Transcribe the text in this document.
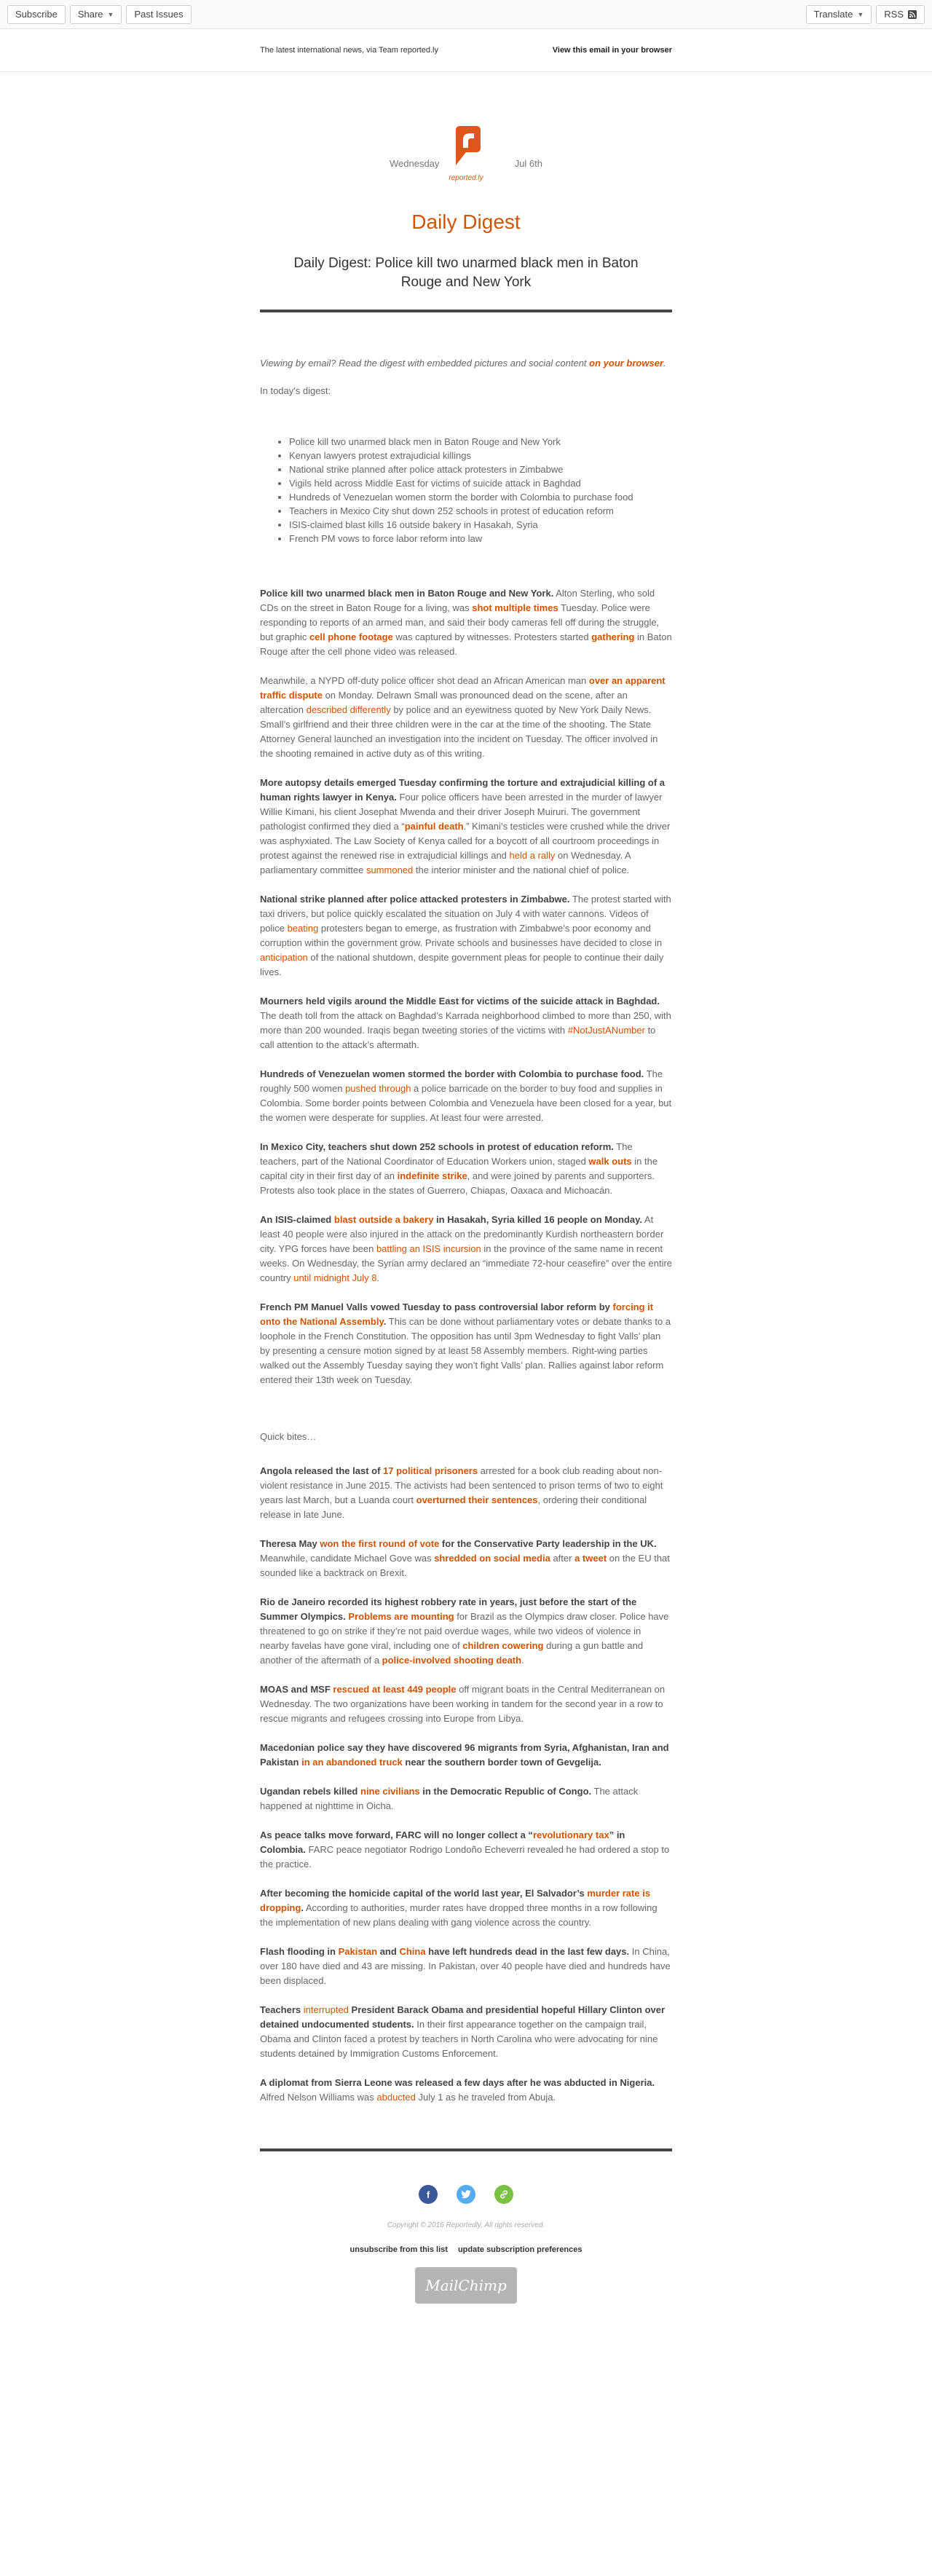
Subscribe Share ▼ Past Issues	Translate ▼ RSS
The latest international news, via Team reported.ly	View this email in your browser
Wednesday
reported.ly
Jul 6th
Daily Digest
Daily Digest: Police kill two unarmed black men in Baton Rouge and New York

Viewing by email? Read the digest with embedded pictures and social content on your browser.

In today's digest:

• Police kill two unarmed black men in Baton Rouge and New York
• Kenyan lawyers protest extrajudicial killings
• National strike planned after police attack protesters in Zimbabwe
• Vigils held across Middle East for victims of suicide attack in Baghdad
• Hundreds of Venezuelan women storm the border with Colombia to purchase food
• Teachers in Mexico City shut down 252 schools in protest of education reform
• ISIS-claimed blast kills 16 outside bakery in Hasakah, Syria
• French PM vows to force labor reform into law

Police kill two unarmed black men in Baton Rouge and New York. Alton Sterling, who sold CDs on the street in Baton Rouge for a living, was shot multiple times Tuesday. Police were responding to reports of an armed man, and said their body cameras fell off during the struggle, but graphic cell phone footage was captured by witnesses. Protesters started gathering in Baton Rouge after the cell phone video was released.

Meanwhile, a NYPD off-duty police officer shot dead an African American man over an apparent traffic dispute on Monday. Delrawn Small was pronounced dead on the scene, after an altercation described differently by police and an eyewitness quoted by New York Daily News. Small’s girlfriend and their three children were in the car at the time of the shooting. The State Attorney General launched an investigation into the incident on Tuesday. The officer involved in the shooting remained in active duty as of this writing.

More autopsy details emerged Tuesday confirming the torture and extrajudicial killing of a human rights lawyer in Kenya. Four police officers have been arrested in the murder of lawyer Willie Kimani, his client Josephat Mwenda and their driver Joseph Muiruri. The government pathologist confirmed they died a “painful death.” Kimani’s testicles were crushed while the driver was asphyxiated. The Law Society of Kenya called for a boycott of all courtroom proceedings in protest against the renewed rise in extrajudicial killings and held a rally on Wednesday. A parliamentary committee summoned the interior minister and the national chief of police.

National strike planned after police attacked protesters in Zimbabwe. The protest started with taxi drivers, but police quickly escalated the situation on July 4 with water cannons. Videos of police beating protesters began to emerge, as frustration with Zimbabwe’s poor economy and corruption within the government grow. Private schools and businesses have decided to close in anticipation of the national shutdown, despite government pleas for people to continue their daily lives.

Mourners held vigils around the Middle East for victims of the suicide attack in Baghdad. The death toll from the attack on Baghdad’s Karrada neighborhood climbed to more than 250, with more than 200 wounded. Iraqis began tweeting stories of the victims with #NotJustANumber to call attention to the attack’s aftermath.

Hundreds of Venezuelan women stormed the border with Colombia to purchase food. The roughly 500 women pushed through a police barricade on the border to buy food and supplies in Colombia. Some border points between Colombia and Venezuela have been closed for a year, but the women were desperate for supplies. At least four were arrested.

In Mexico City, teachers shut down 252 schools in protest of education reform. The teachers, part of the National Coordinator of Education Workers union, staged walk outs in the capital city in their first day of an indefinite strike, and were joined by parents and supporters. Protests also took place in the states of Guerrero, Chiapas, Oaxaca and Michoacán.

An ISIS-claimed blast outside a bakery in Hasakah, Syria killed 16 people on Monday. At least 40 people were also injured in the attack on the predominantly Kurdish northeastern border city. YPG forces have been battling an ISIS incursion in the province of the same name in recent weeks. On Wednesday, the Syrian army declared an “immediate 72-hour ceasefire” over the entire country until midnight July 8.

French PM Manuel Valls vowed Tuesday to pass controversial labor reform by forcing it onto the National Assembly. This can be done without parliamentary votes or debate thanks to a loophole in the French Constitution. The opposition has until 3pm Wednesday to fight Valls’ plan by presenting a censure motion signed by at least 58 Assembly members. Right-wing parties walked out the Assembly Tuesday saying they won’t fight Valls’ plan. Rallies against labor reform entered their 13th week on Tuesday.

Quick bites…

Angola released the last of 17 political prisoners arrested for a book club reading about non-violent resistance in June 2015. The activists had been sentenced to prison terms of two to eight years last March, but a Luanda court overturned their sentences, ordering their conditional release in late June.

Theresa May won the first round of vote for the Conservative Party leadership in the UK. Meanwhile, candidate Michael Gove was shredded on social media after a tweet on the EU that sounded like a backtrack on Brexit.

Rio de Janeiro recorded its highest robbery rate in years, just before the start of the Summer Olympics. Problems are mounting for Brazil as the Olympics draw closer. Police have threatened to go on strike if they’re not paid overdue wages, while two videos of violence in nearby favelas have gone viral, including one of children cowering during a gun battle and another of the aftermath of a police-involved shooting death.

MOAS and MSF rescued at least 449 people off migrant boats in the Central Mediterranean on Wednesday. The two organizations have been working in tandem for the second year in a row to rescue migrants and refugees crossing into Europe from Libya.

Macedonian police say they have discovered 96 migrants from Syria, Afghanistan, Iran and Pakistan in an abandoned truck near the southern border town of Gevgelija.

Ugandan rebels killed nine civilians in the Democratic Republic of Congo. The attack happened at nighttime in Oicha.

As peace talks move forward, FARC will no longer collect a “revolutionary tax” in Colombia. FARC peace negotiator Rodrigo Londoño Echeverri revealed he had ordered a stop to the practice.

After becoming the homicide capital of the world last year, El Salvador’s murder rate is dropping. According to authorities, murder rates have dropped three months in a row following the implementation of new plans dealing with gang violence across the country.

Flash flooding in Pakistan and China have left hundreds dead in the last few days. In China, over 180 have died and 43 are missing. In Pakistan, over 40 people have died and hundreds have been displaced.

Teachers interrupted President Barack Obama and presidential hopeful Hillary Clinton over detained undocumented students. In their first appearance together on the campaign trail, Obama and Clinton faced a protest by teachers in North Carolina who were advocating for nine students detained by Immigration Customs Enforcement.

A diplomat from Sierra Leone was released a few days after he was abducted in Nigeria. Alfred Nelson Williams was abducted July 1 as he traveled from Abuja.

f
Copyright © 2016 Reportedly, All rights reserved.
unsubscribe from this list update subscription preferences
MailChimp
